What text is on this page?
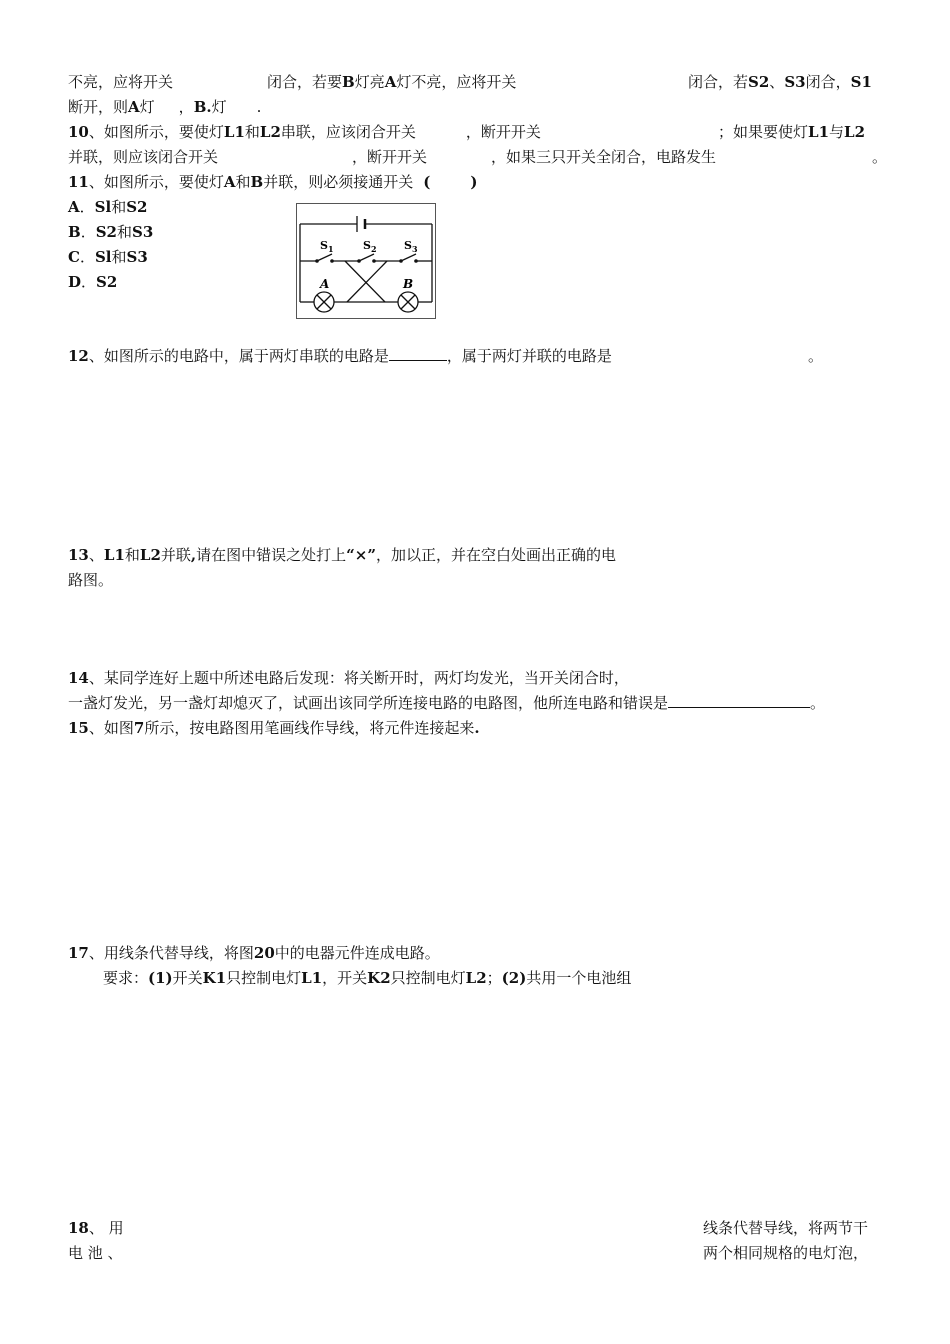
不亮，应将开关	闭合，若要B灯亮A灯不亮，应将开关	闭合，若S2、S3闭合，S1
断开，则A灯 ，B.灯 .
10、如图所示，要使灯L1和L2串联，应该闭合开关	，断开开关	；如果要使灯L1与L2
并联，则应该闭合开关	，断开开关	，如果三只开关全闭合，电路发生	。
11、如图所示，要使灯A和B并联，则必须接通开关 (	)
A．Sl和S2
B．S2和S3
C．Sl和S3
D．S2
$S_1$	$S_2$ $S_3$
A	B
12、如图所示的电路中，属于两灯串联的电路是	，属于两灯并联的电路是	。
13、L1和L2并联,请在图中错误之处打上“×”，加以正，并在空白处画出正确的电
路图。
14、某同学连好上题中所述电路后发现：将关断开时，两灯均发光，当开关闭合时，
一盏灯发光，另一盏灯却熄灭了，试画出该同学所连接电路的电路图，他所连电路和错误是	。
15、如图7所示，按电路图用笔画线作导线，将元件连接起来.
17、用线条代替导线，将图20中的电器元件连成电路。
要求：(1)开关K1只控制电灯L1，开关K2只控制电灯L2；(2)共用一个电池组
18、 用	线条代替导线，将两节干
电 池 、	两个相同规格的电灯泡，
